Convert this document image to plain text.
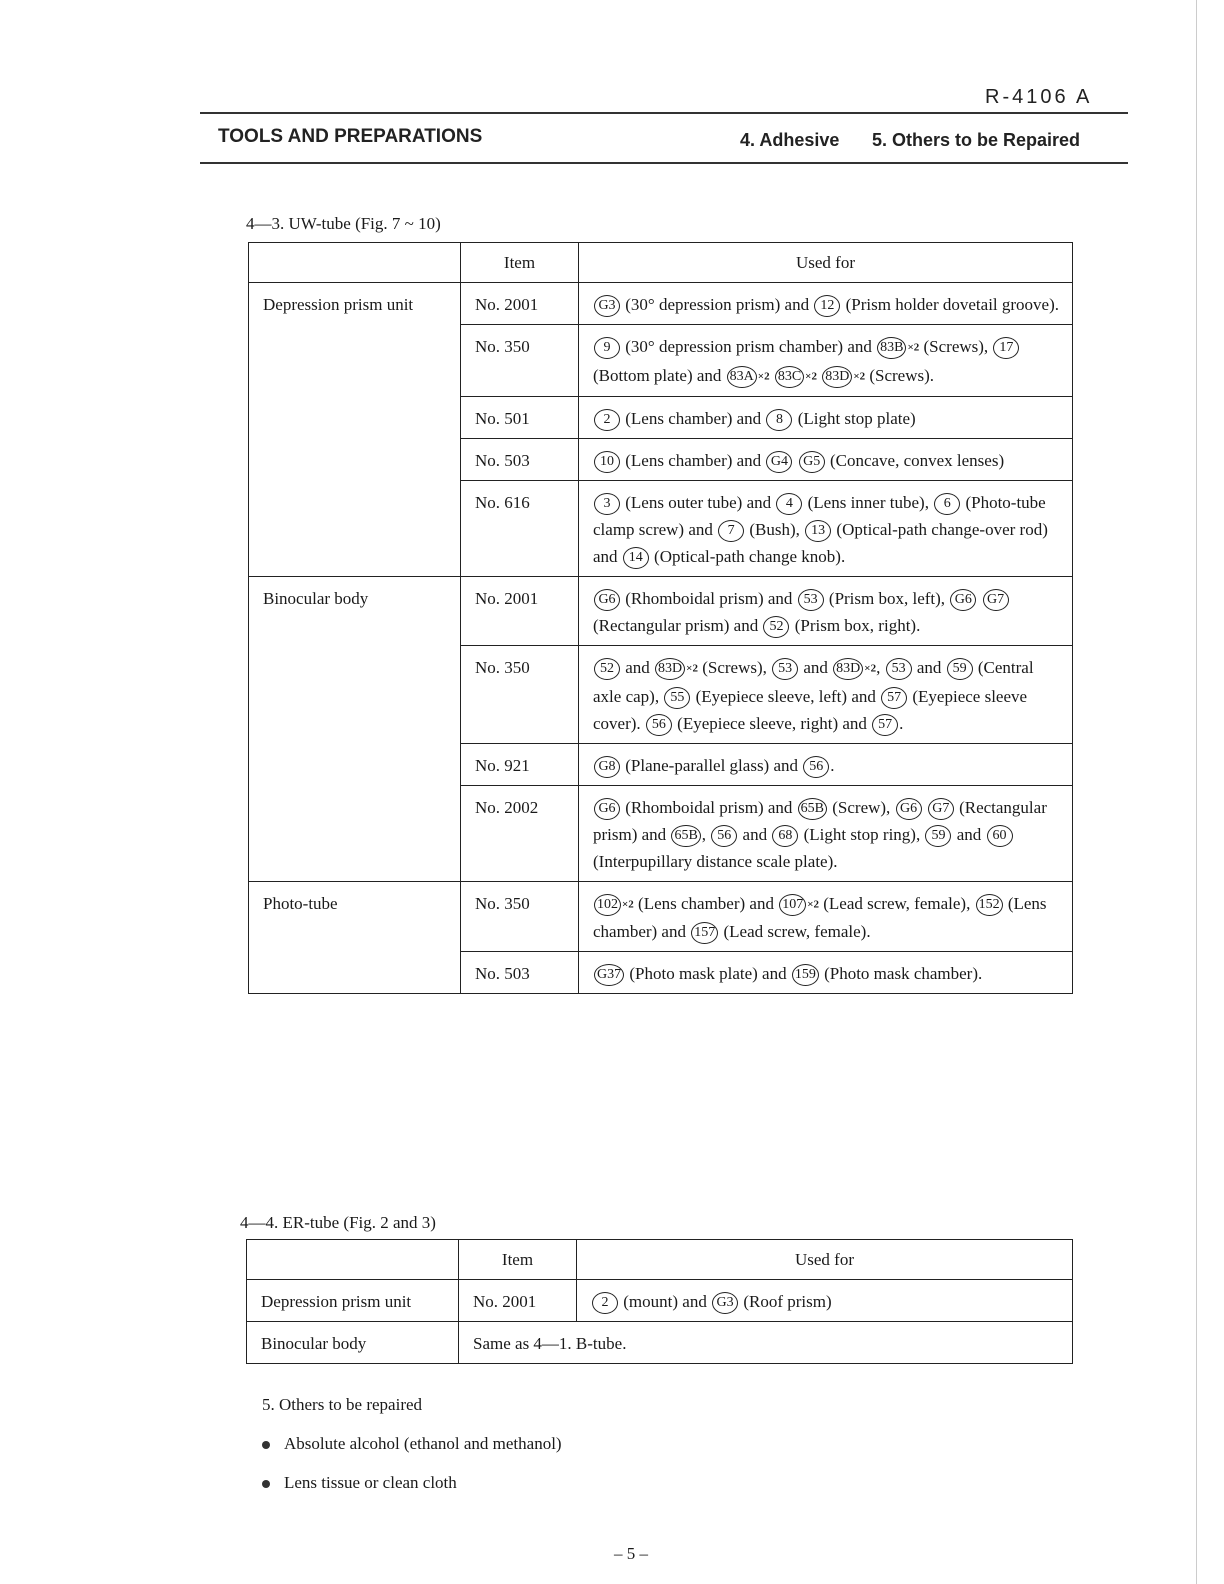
R-4106 A
TOOLS AND PREPARATIONS	4. Adhesive 5. Others to be Repaired
4—3. UW-tube (Fig. 7 ~ 10)
	Item	Used for
Depression prism unit	No. 2001	G3 (30° depression prism) and 12 (Prism holder dovetail groove).
	No. 350	9 (30° depression prism chamber) and 83B ×2 (Screws), 17 (Bottom plate) and 83A ×2 83C ×2 83D ×2 (Screws).
	No. 501	2 (Lens chamber) and 8 (Light stop plate)
	No. 503	10 (Lens chamber) and G4 G5 (Concave, convex lenses)
	No. 616	3 (Lens outer tube) and 4 (Lens inner tube), 6 (Photo-tube clamp screw) and 7 (Bush), 13 (Optical-path change-over rod) and 14 (Optical-path change knob).
Binocular body	No. 2001	G6 (Rhomboidal prism) and 53 (Prism box, left), G6 G7 (Rectangular prism) and 52 (Prism box, right).
	No. 350	52 and 83D ×2 (Screws), 53 and 83D ×2, 53 and 59 (Central axle cap), 55 (Eyepiece sleeve, left) and 57 (Eyepiece sleeve cover). 56 (Eyepiece sleeve, right) and 57 .
	No. 921	G8 (Plane-parallel glass) and 56 .
	No. 2002	G6 (Rhomboidal prism) and 65B (Screw), G6 G7 (Rectangular prism) and 65B , 56 and 68 (Light stop ring), 59 and 60 (Interpupillary distance scale plate).
Photo-tube	No. 350	102 ×2 (Lens chamber) and 107 ×2 (Lead screw, female), 152 (Lens chamber) and 157 (Lead screw, female).
	No. 503	G37 (Photo mask plate) and 159 (Photo mask chamber).
4—4. ER-tube (Fig. 2 and 3)
	Item	Used for
Depression prism unit	No. 2001	2 (mount) and G3 (Roof prism)
Binocular body	Same as 4—1. B-tube.	
5. Others to be repaired
Absolute alcohol (ethanol and methanol)
Lens tissue or clean cloth
– 5 –
